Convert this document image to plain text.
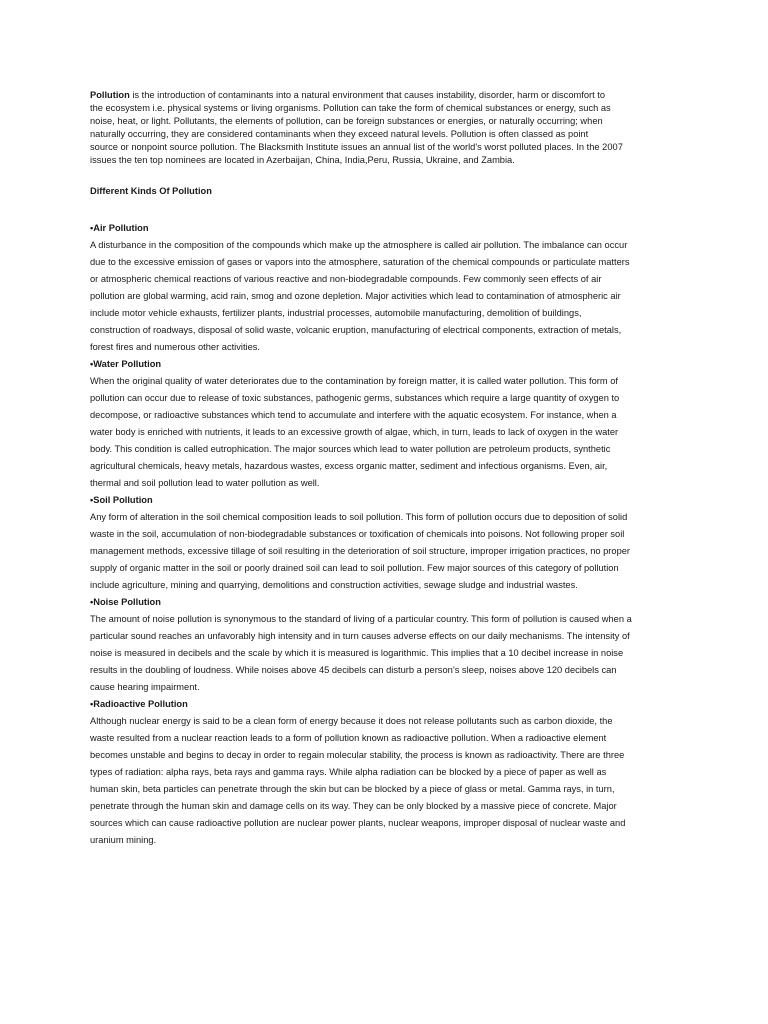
Pollution is the introduction of contaminants into a natural environment that causes instability, disorder, harm or discomfort to
the ecosystem i.e. physical systems or living organisms. Pollution can take the form of chemical substances or energy, such as
noise, heat, or light. Pollutants, the elements of pollution, can be foreign substances or energies, or naturally occurring; when
naturally occurring, they are considered contaminants when they exceed natural levels. Pollution is often classed as point
source or nonpoint source pollution. The Blacksmith Institute issues an annual list of the world's worst polluted places. In the 2007
issues the ten top nominees are located in Azerbaijan, China, India,Peru, Russia, Ukraine, and Zambia.

Different Kinds Of Pollution
•Air Pollution

A disturbance in the composition of the compounds which make up the atmosphere is called air pollution. The imbalance can occur
due to the excessive emission of gases or vapors into the atmosphere, saturation of the chemical compounds or particulate matters
or atmospheric chemical reactions of various reactive and non-biodegradable compounds. Few commonly seen effects of air
pollution are global warming, acid rain, smog and ozone depletion. Major activities which lead to contamination of atmospheric air
include motor vehicle exhausts, fertilizer plants, industrial processes, automobile manufacturing, demolition of buildings,
construction of roadways, disposal of solid waste, volcanic eruption, manufacturing of electrical components, extraction of metals,
forest fires and numerous other activities.

•Water Pollution

When the original quality of water deteriorates due to the contamination by foreign matter, it is called water pollution. This form of
pollution can occur due to release of toxic substances, pathogenic germs, substances which require a large quantity of oxygen to
decompose, or radioactive substances which tend to accumulate and interfere with the aquatic ecosystem. For instance, when a
water body is enriched with nutrients, it leads to an excessive growth of algae, which, in turn, leads to lack of oxygen in the water
body. This condition is called eutrophication. The major sources which lead to water pollution are petroleum products, synthetic
agricultural chemicals, heavy metals, hazardous wastes, excess organic matter, sediment and infectious organisms. Even, air,
thermal and soil pollution lead to water pollution as well.

•Soil Pollution

Any form of alteration in the soil chemical composition leads to soil pollution. This form of pollution occurs due to deposition of solid
waste in the soil, accumulation of non-biodegradable substances or toxification of chemicals into poisons. Not following proper soil
management methods, excessive tillage of soil resulting in the deterioration of soil structure, improper irrigation practices, no proper
supply of organic matter in the soil or poorly drained soil can lead to soil pollution. Few major sources of this category of pollution
include agriculture, mining and quarrying, demolitions and construction activities, sewage sludge and industrial wastes.

•Noise Pollution

The amount of noise pollution is synonymous to the standard of living of a particular country. This form of pollution is caused when a
particular sound reaches an unfavorably high intensity and in turn causes adverse effects on our daily mechanisms. The intensity of
noise is measured in decibels and the scale by which it is measured is logarithmic. This implies that a 10 decibel increase in noise
results in the doubling of loudness. While noises above 45 decibels can disturb a person’s sleep, noises above 120 decibels can
cause hearing impairment.

•Radioactive Pollution

Although nuclear energy is said to be a clean form of energy because it does not release pollutants such as carbon dioxide, the
waste resulted from a nuclear reaction leads to a form of pollution known as radioactive pollution. When a radioactive element
becomes unstable and begins to decay in order to regain molecular stability, the process is known as radioactivity. There are three
types of radiation: alpha rays, beta rays and gamma rays. While alpha radiation can be blocked by a piece of paper as well as
human skin, beta particles can penetrate through the skin but can be blocked by a piece of glass or metal. Gamma rays, in turn,
penetrate through the human skin and damage cells on its way. They can be only blocked by a massive piece of concrete. Major
sources which can cause radioactive pollution are nuclear power plants, nuclear weapons, improper disposal of nuclear waste and
uranium mining.
